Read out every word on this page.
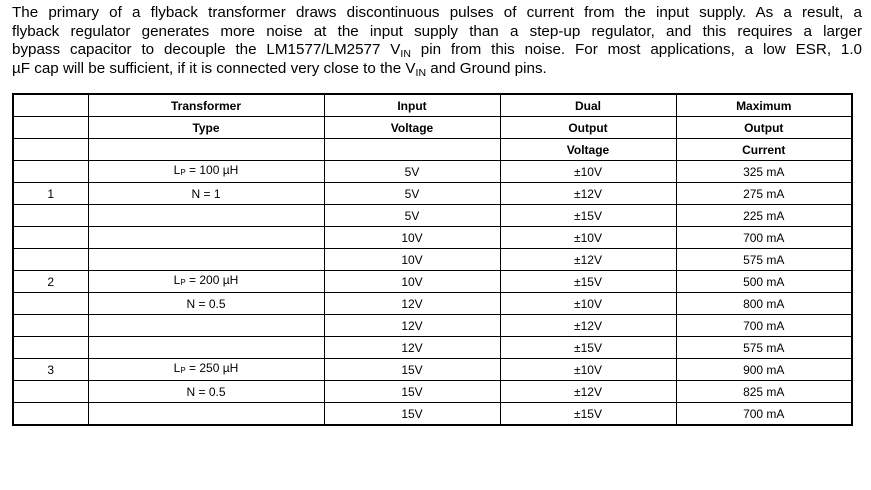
The primary of a flyback transformer draws discontinuous pulses of current from the input supply. As a result, a
flyback regulator generates more noise at the input supply than a step-up regulator, and this requires a larger
bypass capacitor to decouple the LM1577/LM2577 $V_{IN}$ pin from this noise. For most applications, a low ESR, 1.0
µF cap will be sufficient, if it is connected very close to the $V_{IN}$ and Ground pins.
	Transformer	Input	Dual	Maximum
	Type	Voltage	Output	Output
			Voltage	Current
	$L_P = 100$ µH	5V	±10V	325 mA
1	N = 1	5V	±12V	275 mA
		5V	±15V	225 mA
		10V	±10V	700 mA
		10V	±12V	575 mA
2	$L_P = 200$ µH	10V	±15V	500 mA
	N = 0.5	12V	±10V	800 mA
		12V	±12V	700 mA
		12V	±15V	575 mA
3	$L_P = 250$ µH	15V	±10V	900 mA
	N = 0.5	15V	±12V	825 mA
		15V	±15V	700 mA
